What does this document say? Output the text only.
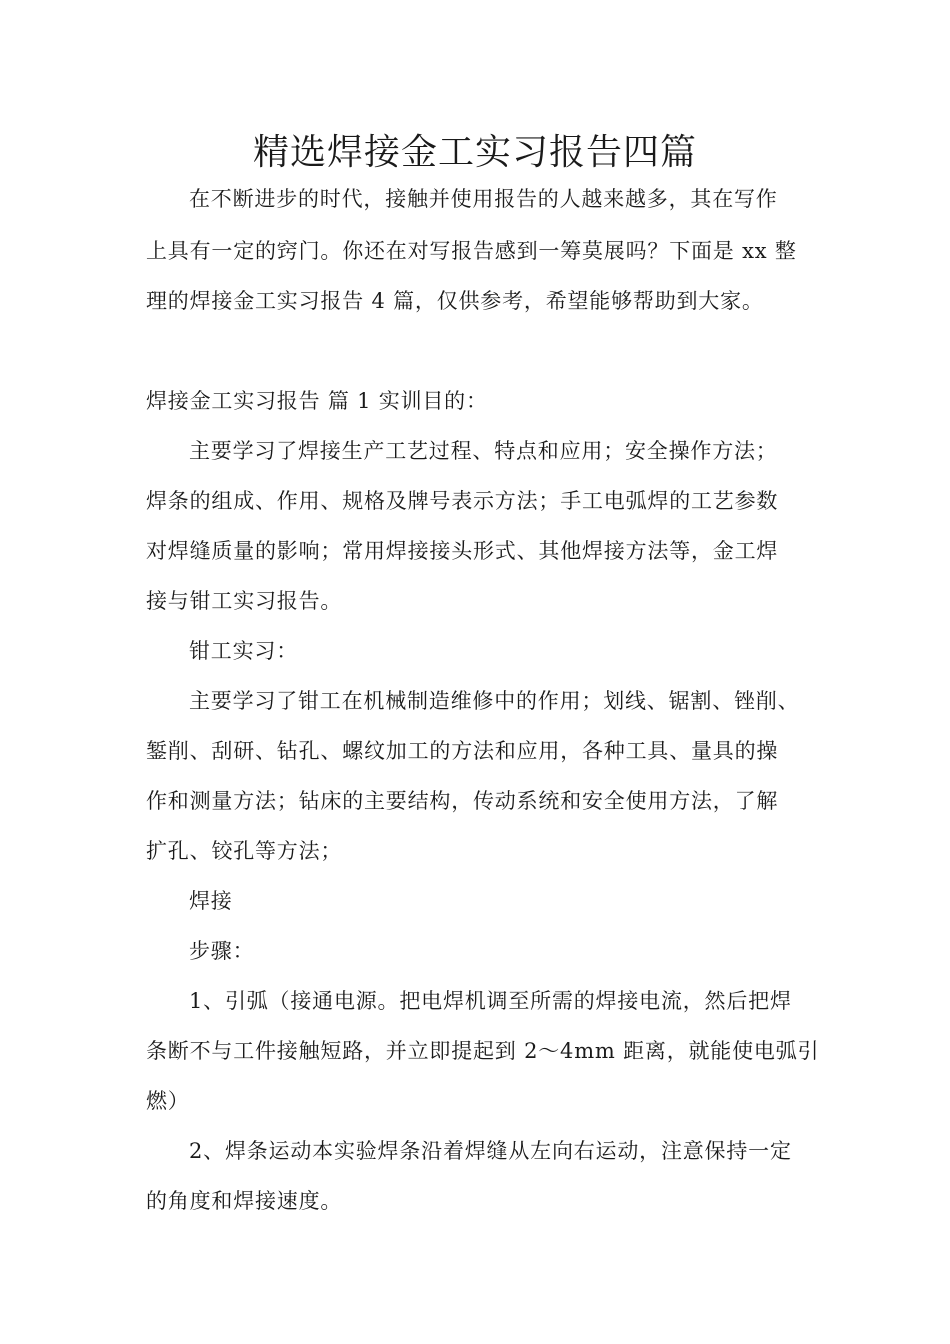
精选焊接金工实习报告四篇
在不断进步的时代，接触并使用报告的人越来越多，其在写作
上具有一定的窍门。你还在对写报告感到一筹莫展吗？下面是 xx 整
理的焊接金工实习报告 4 篇，仅供参考，希望能够帮助到大家。
焊接金工实习报告 篇 1 实训目的：
主要学习了焊接生产工艺过程、特点和应用；安全操作方法；
焊条的组成、作用、规格及牌号表示方法；手工电弧焊的工艺参数
对焊缝质量的影响；常用焊接接头形式、其他焊接方法等，金工焊
接与钳工实习报告。
钳工实习：
主要学习了钳工在机械制造维修中的作用；划线、锯割、锉削、
錾削、刮研、钻孔、螺纹加工的方法和应用，各种工具、量具的操
作和测量方法；钻床的主要结构，传动系统和安全使用方法，了解
扩孔、铰孔等方法；
焊接
步骤：
1、引弧（接通电源。把电焊机调至所需的焊接电流，然后把焊
条断不与工件接触短路，并立即提起到 2～4mm 距离，就能使电弧引
燃）
2、焊条运动本实验焊条沿着焊缝从左向右运动，注意保持一定
的角度和焊接速度。
